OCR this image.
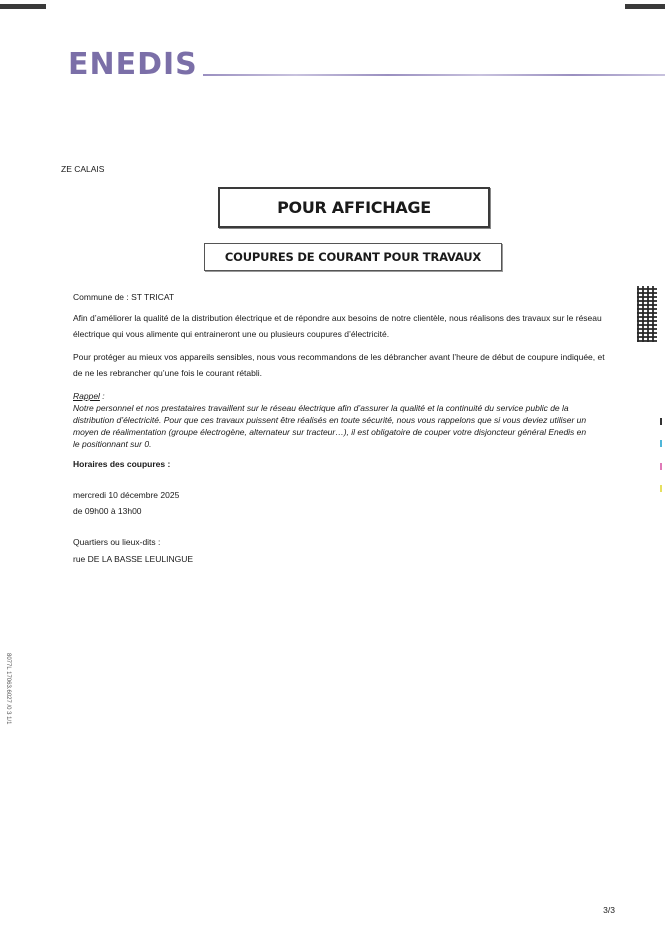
ENEDIS
ZE CALAIS
POUR AFFICHAGE
COUPURES DE COURANT POUR TRAVAUX
Commune de : ST TRICAT
Afin d’améliorer la qualité de la distribution électrique et de répondre aux besoins de notre clientèle, nous réalisons des travaux sur le réseau électrique qui vous alimente qui entraineront une ou plusieurs coupures d’électricité.
Pour protéger au mieux vos appareils sensibles, nous vous recommandons de les débrancher avant l’heure de début de coupure indiquée, et de ne les rebrancher qu’une fois le courant rétabli.
Rappel :
Notre personnel et nos prestataires travaillent sur le réseau électrique afin d’assurer la qualité et la continuité du service public de la distribution d’électricité. Pour que ces travaux puissent être réalisés en toute sécurité, nous vous rappelons que si vous deviez utiliser un moyen de réalimentation (groupe électrogène, alternateur sur tracteur…), il est obligatoire de couper votre disjoncteur général Enedis en le positionnant sur 0.
Horaires des coupures :
mercredi 10 décembre 2025
de 09h00 à 13h00
Quartiers ou lieux-dits :
rue DE LA BASSE LEULINGUE
3/3
8077L 17063.6027 /0 3 1/1
